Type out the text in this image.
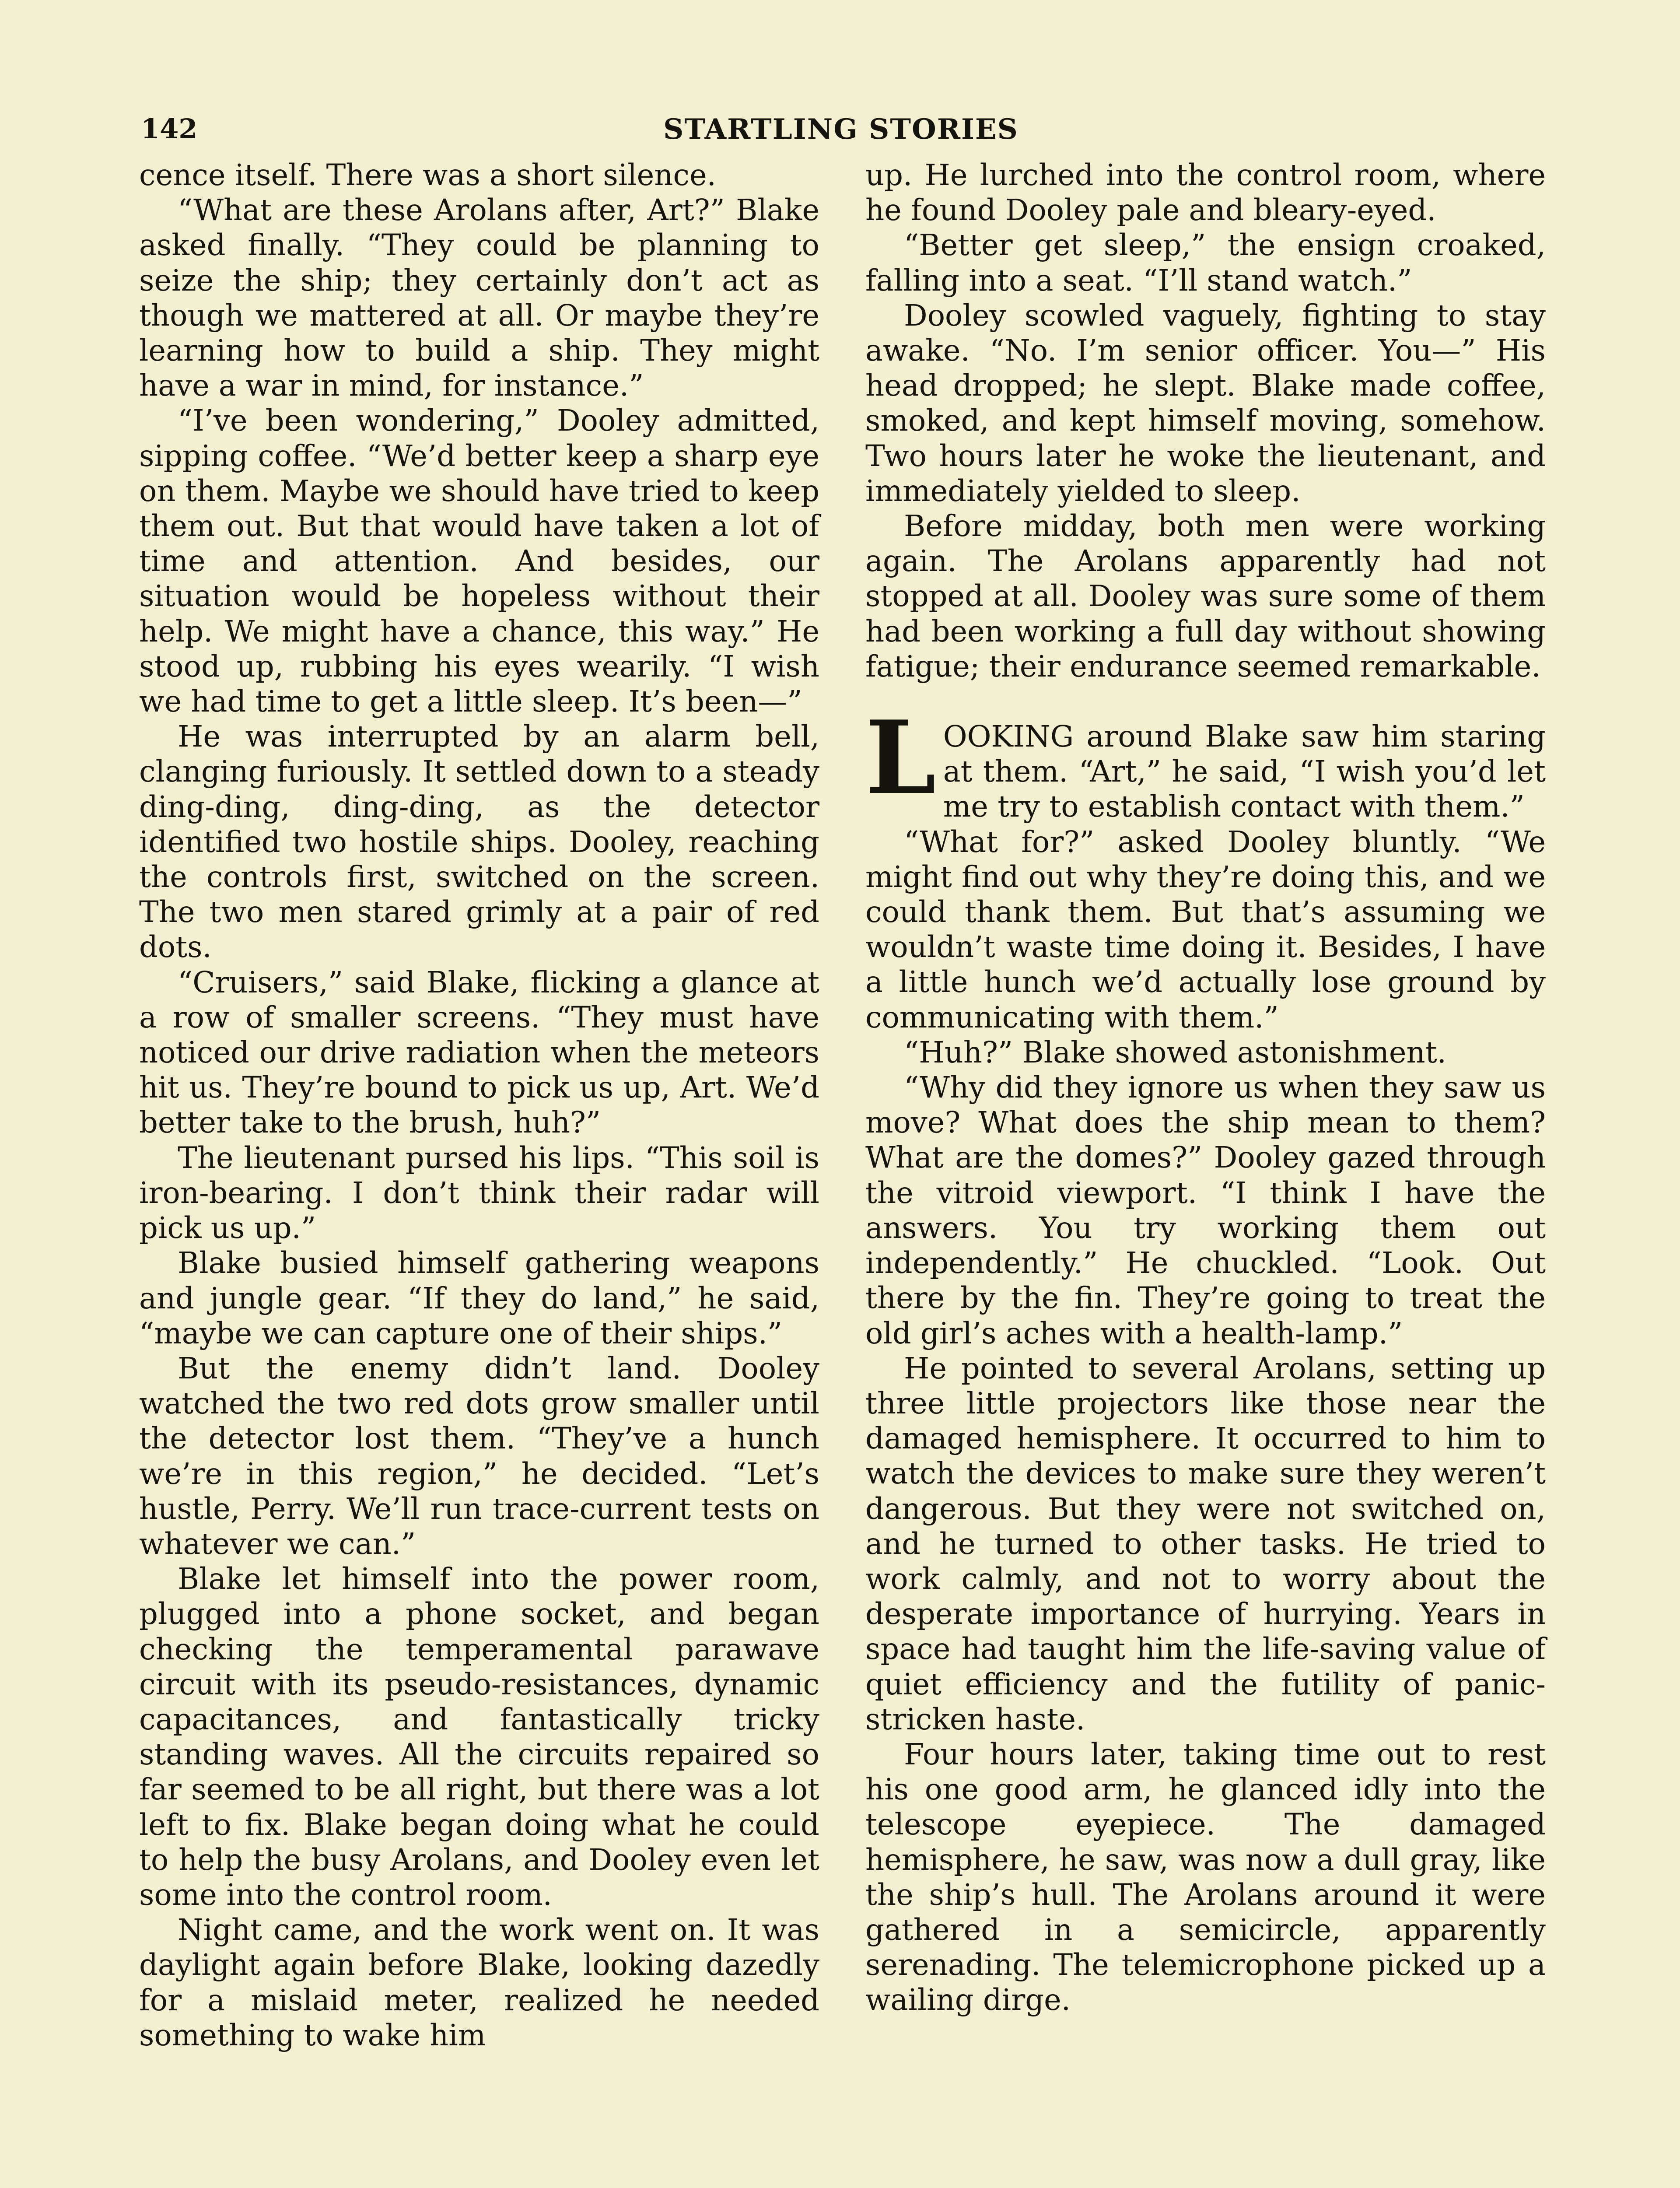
142	STARTLING STORIES

cence itself. There was a short silence.

“What are these Arolans after, Art?” Blake asked finally. “They could be planning to seize the ship; they certainly don’t act as though we mattered at all. Or maybe they’re learning how to build a ship. They might have a war in mind, for instance.”

“I’ve been wondering,” Dooley admitted, sipping coffee. “We’d better keep a sharp eye on them. Maybe we should have tried to keep them out. But that would have taken a lot of time and attention. And besides, our situation would be hopeless without their help. We might have a chance, this way.” He stood up, rubbing his eyes wearily. “I wish we had time to get a little sleep. It’s been—”

He was interrupted by an alarm bell, clanging furiously. It settled down to a steady ding-ding, ding-ding, as the detector identified two hostile ships. Dooley, reaching the controls first, switched on the screen. The two men stared grimly at a pair of red dots.

“Cruisers,” said Blake, flicking a glance at a row of smaller screens. “They must have noticed our drive radiation when the meteors hit us. They’re bound to pick us up, Art. We’d better take to the brush, huh?”

The lieutenant pursed his lips. “This soil is iron-bearing. I don’t think their radar will pick us up.”

Blake busied himself gathering weapons and jungle gear. “If they do land,” he said, “maybe we can capture one of their ships.”

But the enemy didn’t land. Dooley watched the two red dots grow smaller until the detector lost them. “They’ve a hunch we’re in this region,” he decided. “Let’s hustle, Perry. We’ll run trace-current tests on whatever we can.”

Blake let himself into the power room, plugged into a phone socket, and began checking the temperamental parawave circuit with its pseudo-resistances, dynamic capacitances, and fantastically tricky standing waves. All the circuits repaired so far seemed to be all right, but there was a lot left to fix. Blake began doing what he could to help the busy Arolans, and Dooley even let some into the control room.

Night came, and the work went on. It was daylight again before Blake, looking dazedly for a mislaid meter, realized he needed something to wake him

up. He lurched into the control room, where he found Dooley pale and bleary-eyed.

“Better get sleep,” the ensign croaked, falling into a seat. “I’ll stand watch.”

Dooley scowled vaguely, fighting to stay awake. “No. I’m senior officer. You—” His head dropped; he slept. Blake made coffee, smoked, and kept himself moving, somehow. Two hours later he woke the lieutenant, and immediately yielded to sleep.

Before midday, both men were working again. The Arolans apparently had not stopped at all. Dooley was sure some of them had been working a full day without showing fatigue; their endurance seemed remarkable.

LOOKING around Blake saw him staring at them. “Art,” he said, “I wish you’d let me try to establish contact with them.”

“What for?” asked Dooley bluntly. “We might find out why they’re doing this, and we could thank them. But that’s assuming we wouldn’t waste time doing it. Besides, I have a little hunch we’d actually lose ground by communicating with them.”

“Huh?” Blake showed astonishment.

“Why did they ignore us when they saw us move? What does the ship mean to them? What are the domes?” Dooley gazed through the vitroid viewport. “I think I have the answers. You try working them out independently.” He chuckled. “Look. Out there by the fin. They’re going to treat the old girl’s aches with a health-lamp.”

He pointed to several Arolans, setting up three little projectors like those near the damaged hemisphere. It occurred to him to watch the devices to make sure they weren’t dangerous. But they were not switched on, and he turned to other tasks. He tried to work calmly, and not to worry about the desperate importance of hurrying. Years in space had taught him the life-saving value of quiet efficiency and the futility of panic-stricken haste.

Four hours later, taking time out to rest his one good arm, he glanced idly into the telescope eyepiece. The damaged hemisphere, he saw, was now a dull gray, like the ship’s hull. The Arolans around it were gathered in a semicircle, apparently serenading. The telemicrophone picked up a wailing dirge.
